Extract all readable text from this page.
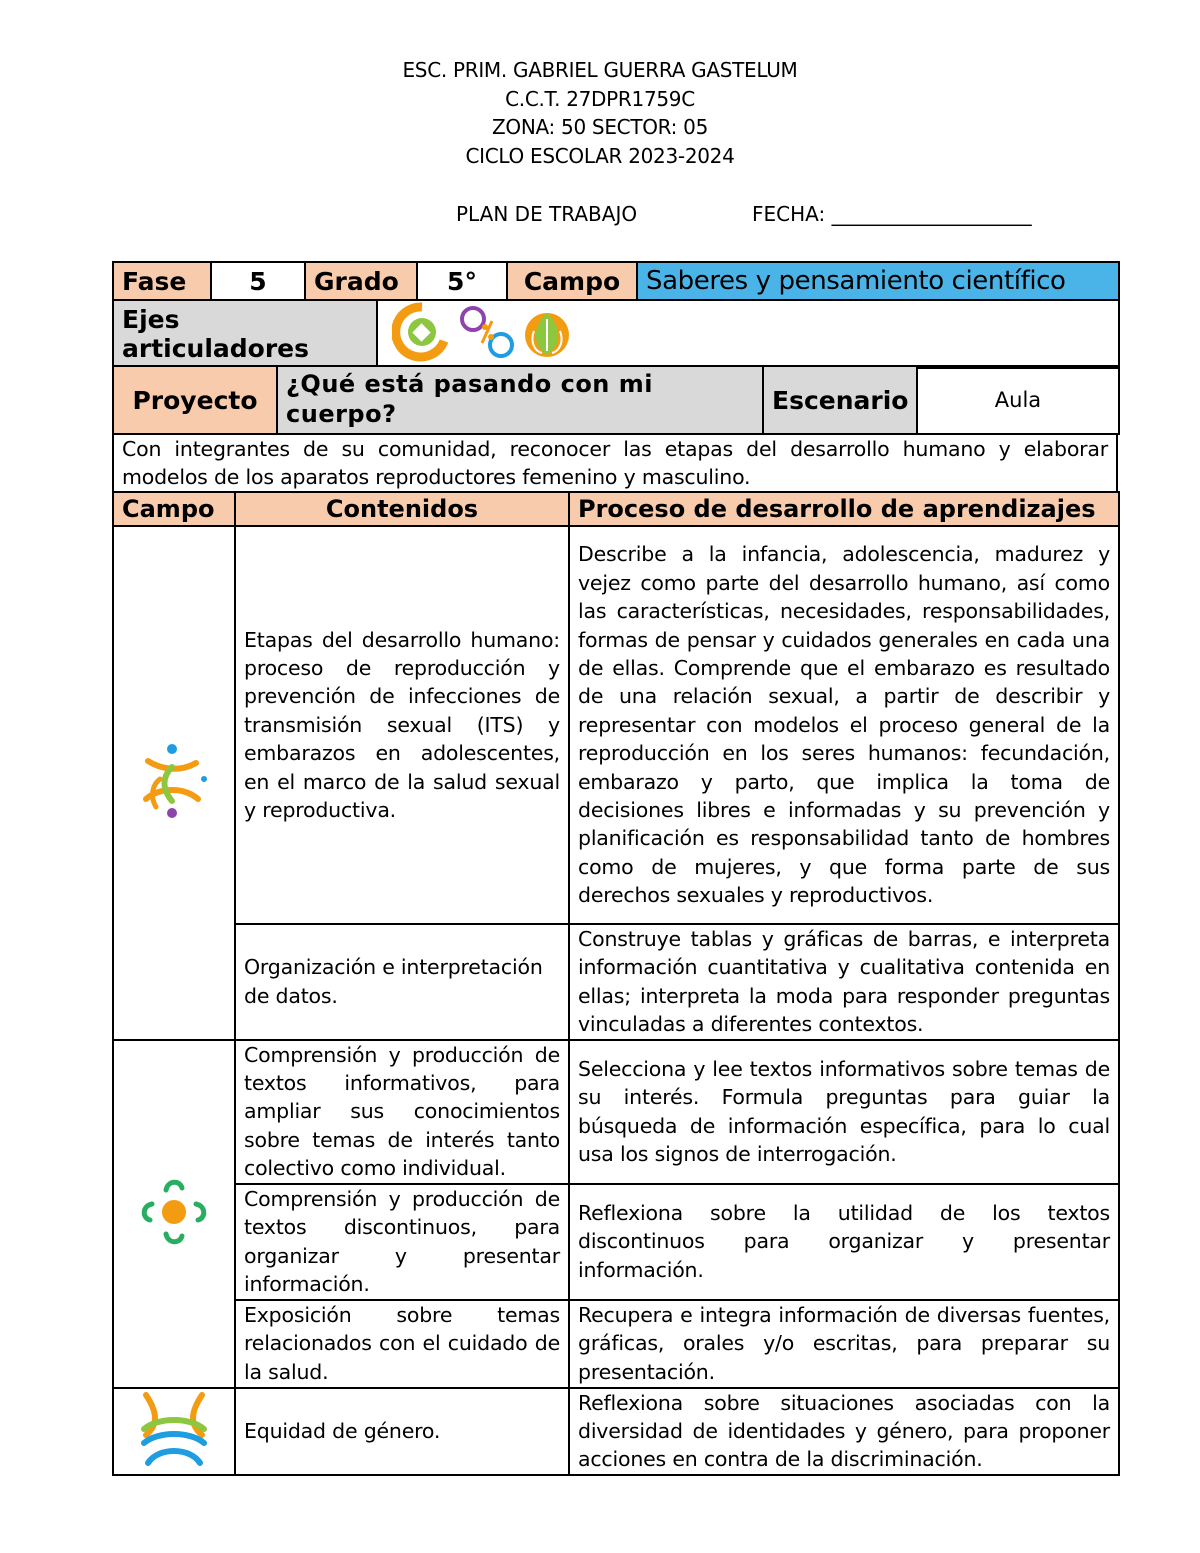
ESC. PRIM. GABRIEL GUERRA GASTELUM
C.C.T. 27DPR1759C
ZONA: 50 SECTOR: 05
CICLO ESCOLAR 2023-2024
PLAN DE TRABAJO	FECHA: ____________________
Fase	5	Grado	5°	Campo	Saberes y pensamiento científico
Ejes articuladores	
Proyecto	¿Qué está pasando con mi cuerpo?	Escenario	Aula
Con integrantes de su comunidad, reconocer las etapas del desarrollo humano y elaborar modelos de los aparatos reproductores femenino y masculino.
Campo	Contenidos	Proceso de desarrollo de aprendizajes
	Etapas del desarrollo humano: proceso de reproducción y prevención de infecciones de transmisión sexual (ITS) y embarazos en adolescentes, en el marco de la salud sexual y reproductiva.	Describe a la infancia, adolescencia, madurez y vejez como parte del desarrollo humano, así como las características, necesidades, responsabilidades, formas de pensar y cuidados generales en cada una de ellas. Comprende que el embarazo es resultado de una relación sexual, a partir de describir y representar con modelos el proceso general de la reproducción en los seres humanos: fecundación, embarazo y parto, que implica la toma de decisiones libres e informadas y su prevención y planificación es responsabilidad tanto de hombres como de mujeres, y que forma parte de sus derechos sexuales y reproductivos.
	Organización e interpretación de datos.	Construye tablas y gráficas de barras, e interpreta información cuantitativa y cualitativa contenida en ellas; interpreta la moda para responder preguntas vinculadas a diferentes contextos.
	Comprensión y producción de textos informativos, para ampliar sus conocimientos sobre temas de interés tanto colectivo como individual.	Selecciona y lee textos informativos sobre temas de su interés. Formula preguntas para guiar la búsqueda de información específica, para lo cual usa los signos de interrogación.
	Comprensión y producción de textos discontinuos, para organizar y presentar información.	Reflexiona sobre la utilidad de los textos discontinuos para organizar y presentar información.
	Exposición sobre temas relacionados con el cuidado de la salud.	Recupera e integra información de diversas fuentes, gráficas, orales y/o escritas, para preparar su presentación.
	Equidad de género.	Reflexiona sobre situaciones asociadas con la diversidad de identidades y género, para proponer acciones en contra de la discriminación.
